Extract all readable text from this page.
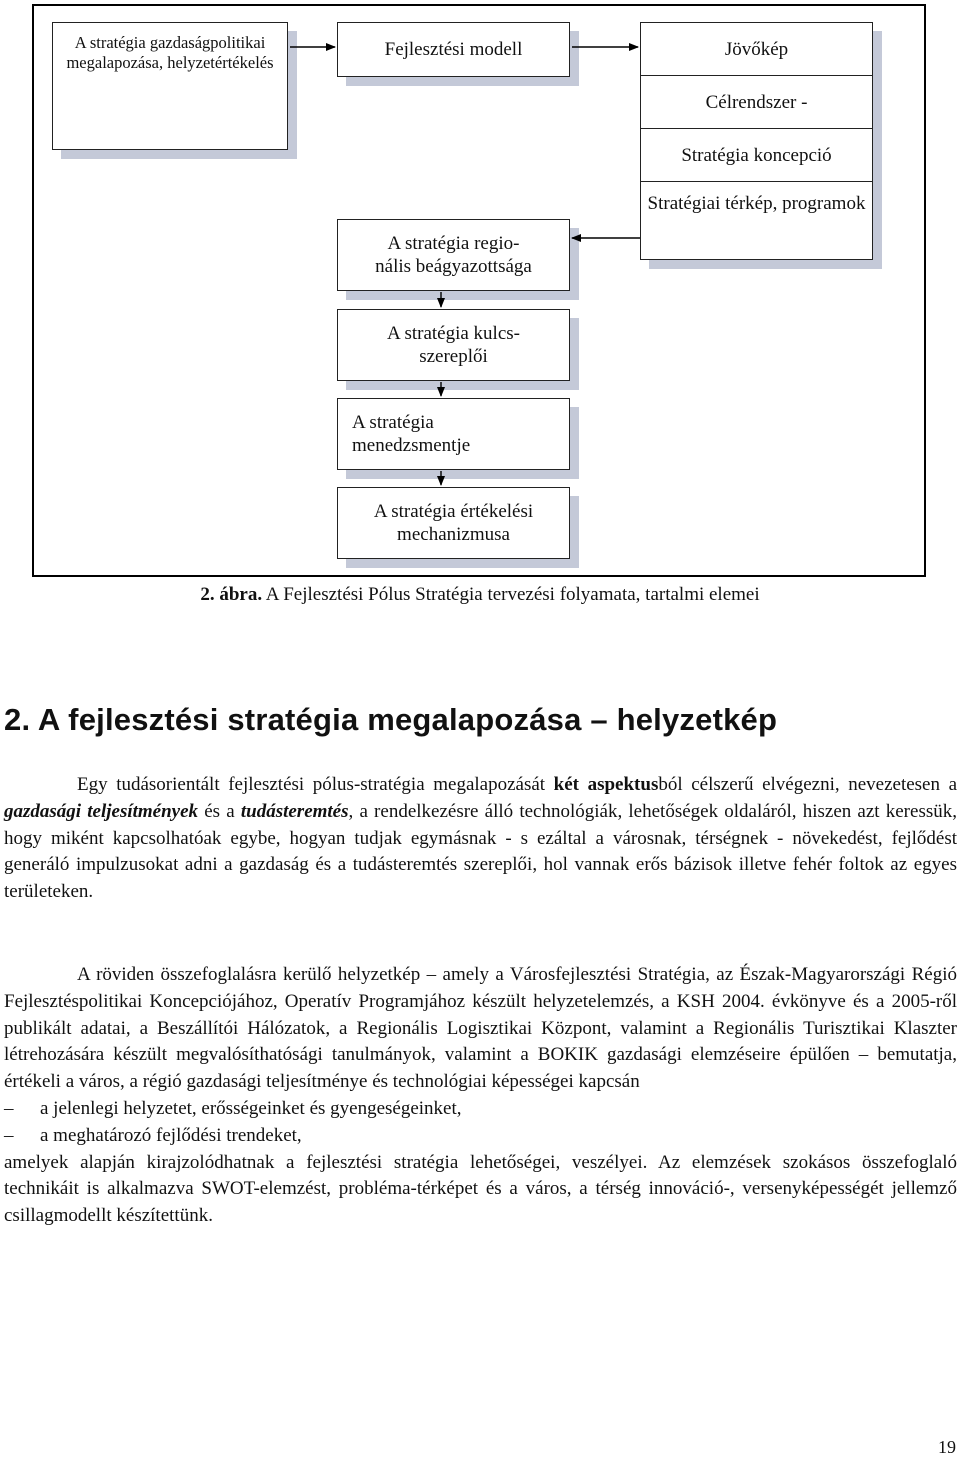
A stratégia gazdaságpolitikai megalapozása, helyzetértékelés
Fejlesztési modell	Jövőkép
Célrendszer -
Stratégia koncepció
Stratégiai térkép, programok
A stratégia regio-
nális beágyazottsága
A stratégia kulcs-
szereplői
A stratégia
menedzsmentje
A stratégia értékelési
mechanizmusa
2. ábra. A Fejlesztési Pólus Stratégia tervezési folyamata, tartalmi elemei
2. A fejlesztési stratégia megalapozása – helyzetkép

Egy tudásorientált fejlesztési pólus-stratégia megalapozását két aspektusból célszerű elvégezni, nevezetesen a gazdasági teljesítmények és a tudásteremtés, a rendelkezésre álló technológiák, lehetőségek oldaláról, hiszen azt keressük, hogy miként kapcsolhatóak egybe, hogyan tudjak egymásnak - s ezáltal a városnak, térségnek - növekedést, fejlődést generáló impulzusokat adni a gazdaság és a tudásteremtés szereplői, hol vannak erős bázisok illetve fehér foltok az egyes területeken.

A röviden összefoglalásra kerülő helyzetkép – amely a Városfejlesztési Stratégia, az Észak-Magyarországi Régió Fejlesztéspolitikai Koncepciójához, Operatív Programjához készült helyzetelemzés, a KSH 2004. évkönyve és a 2005-ről publikált adatai, a Beszállítói Hálózatok, a Regionális Logisztikai Központ, valamint a Regionális Turisztikai Klaszter létrehozására készült megvalósíthatósági tanulmányok, valamint a BOKIK gazdasági elemzéseire épülően – bemutatja, értékeli a város, a régió gazdasági teljesítménye és technológiai képességei kapcsán

–	a jelenlegi helyzetet, erősségeinket és gyengeségeinket,
–	a meghatározó fejlődési trendeket,

amelyek alapján kirajzolódhatnak a fejlesztési stratégia lehetőségei, veszélyei. Az elemzések szokásos összefoglaló technikáit is alkalmazva SWOT-elemzést, probléma-térképet és a város, a térség innováció-, versenyképességét jellemző csillagmodellt készítettünk.

19
